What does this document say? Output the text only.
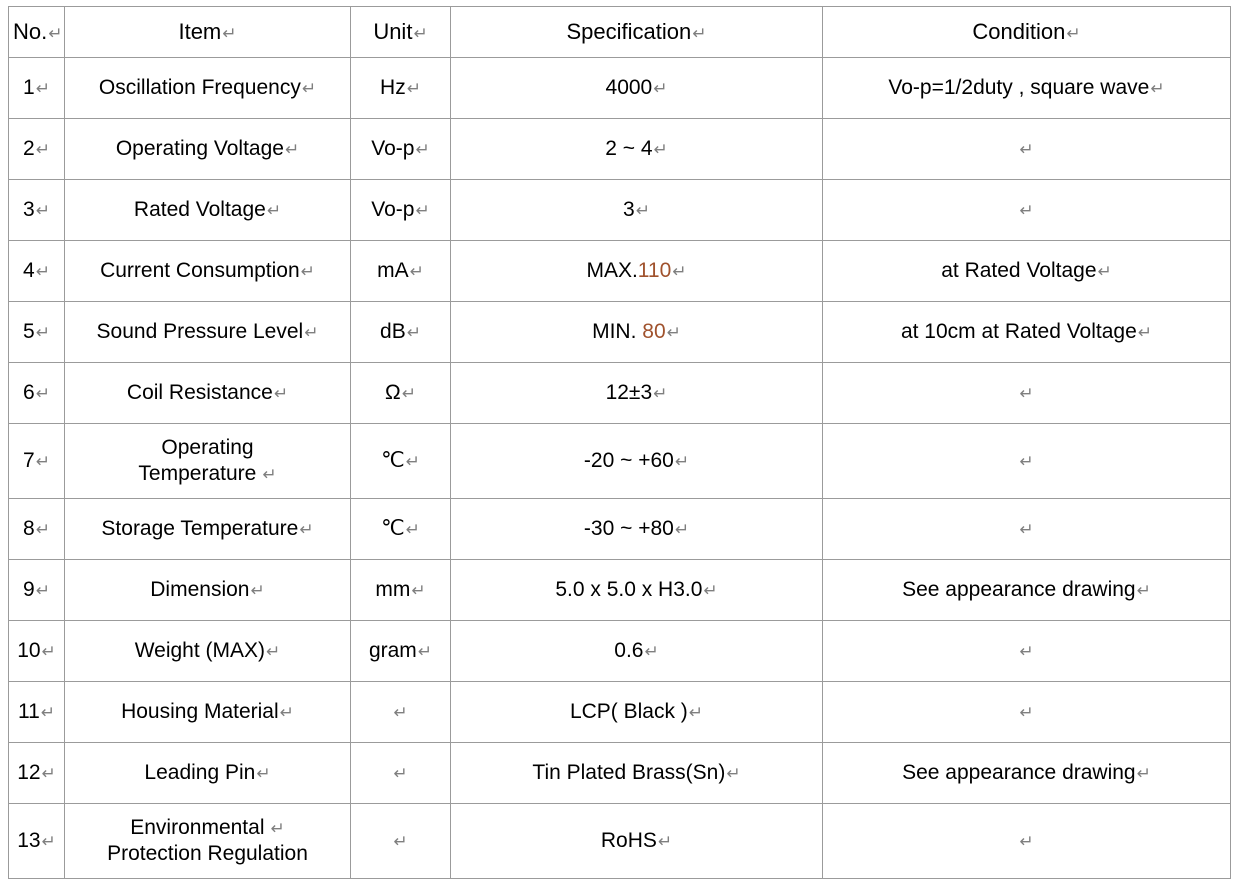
No.↵	Item↵	Unit↵	Specification↵	Condition↵
1↵	Oscillation Frequency↵	Hz↵	4000↵	Vo-p=1/2duty , square wave↵
2↵	Operating Voltage↵	Vo-p↵	2 ~ 4↵	↵
3↵	Rated Voltage↵	Vo-p↵	3↵	↵
4↵	Current Consumption↵	mA↵	MAX.110↵	at Rated Voltage↵
5↵	Sound Pressure Level↵	dB↵	MIN. 80↵	at 10cm at Rated Voltage↵
6↵	Coil Resistance↵	Ω↵	12±3↵	↵
7↵	Operating
Temperature ↵	℃↵	-20 ~ +60↵	↵
8↵	Storage Temperature↵	℃↵	-30 ~ +80↵	↵
9↵	Dimension↵	mm↵	5.0 x 5.0 x H3.0↵	See appearance drawing↵
10↵	Weight (MAX)↵	gram↵	0.6↵	↵
11↵	Housing Material↵	↵	LCP( Black )↵	↵
12↵	Leading Pin↵	↵	Tin Plated Brass(Sn)↵	See appearance drawing↵
13↵	Environmental ↵
Protection Regulation	↵	RoHS↵	↵
